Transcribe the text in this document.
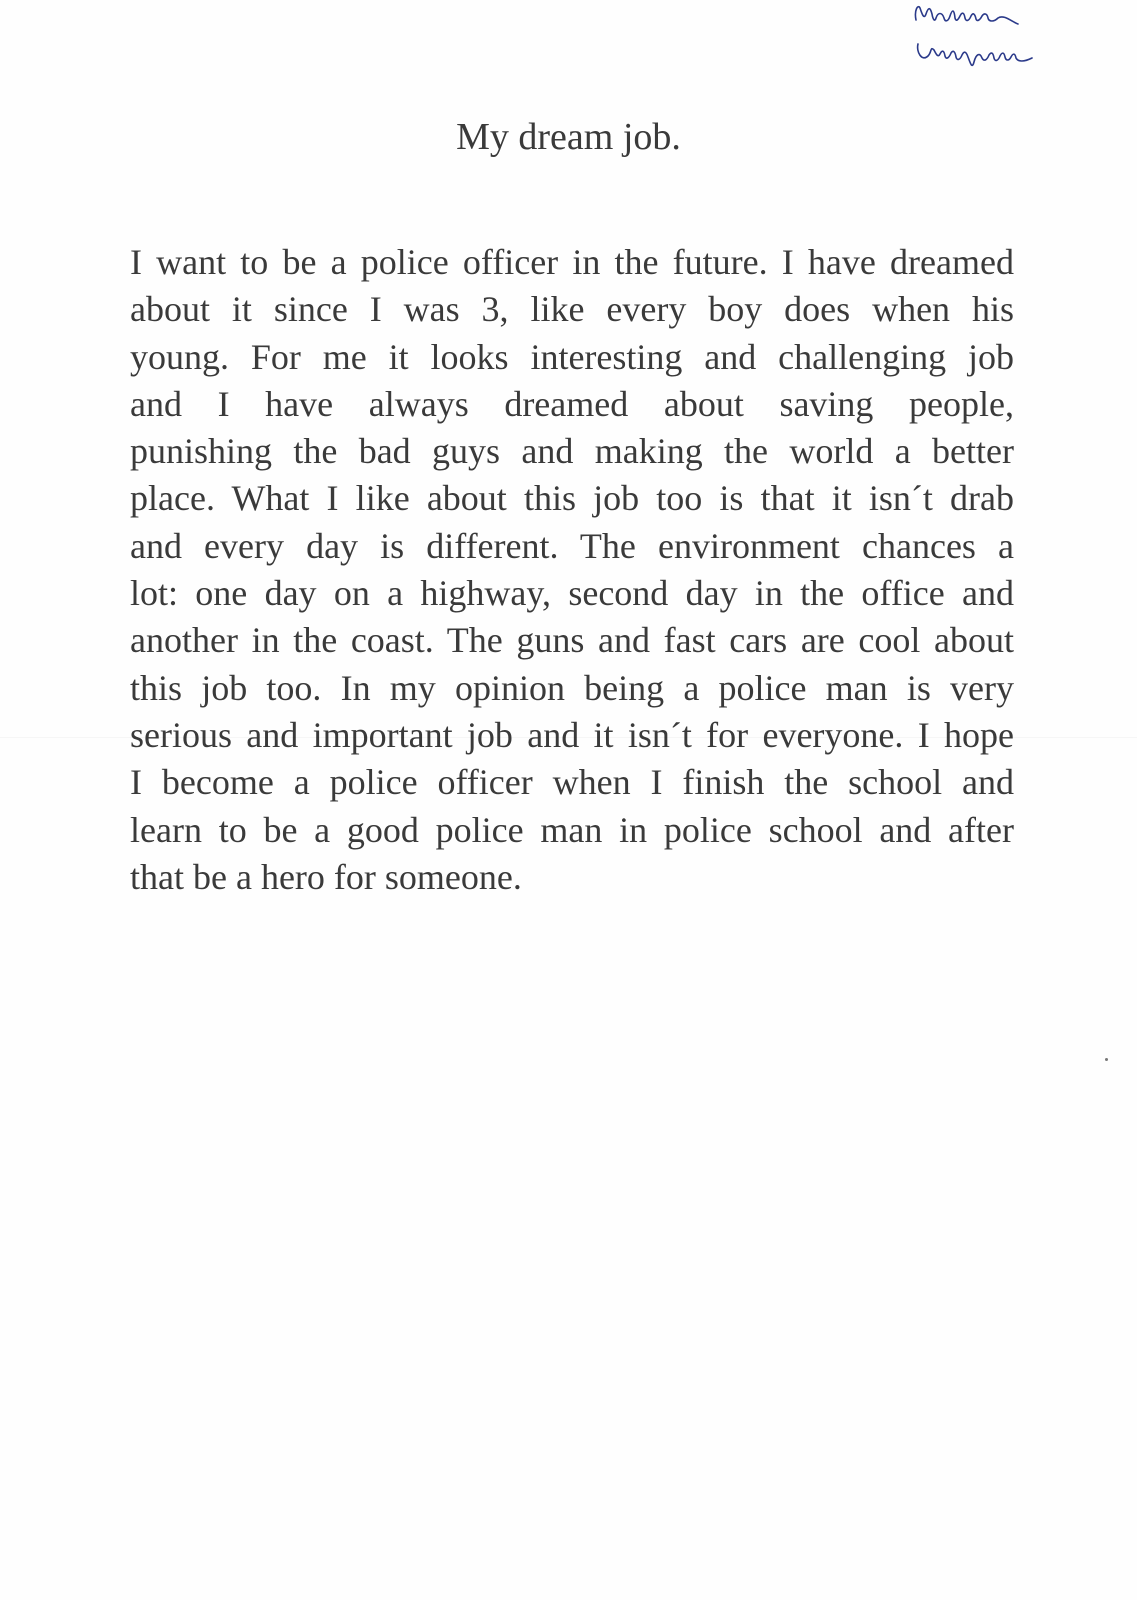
My dream job.
I want to be a police officer in the future. I have dreamed
about it since I was 3, like every boy does when his
young. For me it looks interesting and challenging job
and I have always dreamed about saving people,
punishing the bad guys and making the world a better
place. What I like about this job too is that it isn´t drab
and every day is different. The environment chances a
lot: one day on a highway, second day in the office and
another in the coast. The guns and fast cars are cool about
this job too. In my opinion being a police man is very
serious and important job and it isn´t for everyone. I hope
I become a police officer when I finish the school and
learn to be a good police man in police school and after
that be a hero for someone.
